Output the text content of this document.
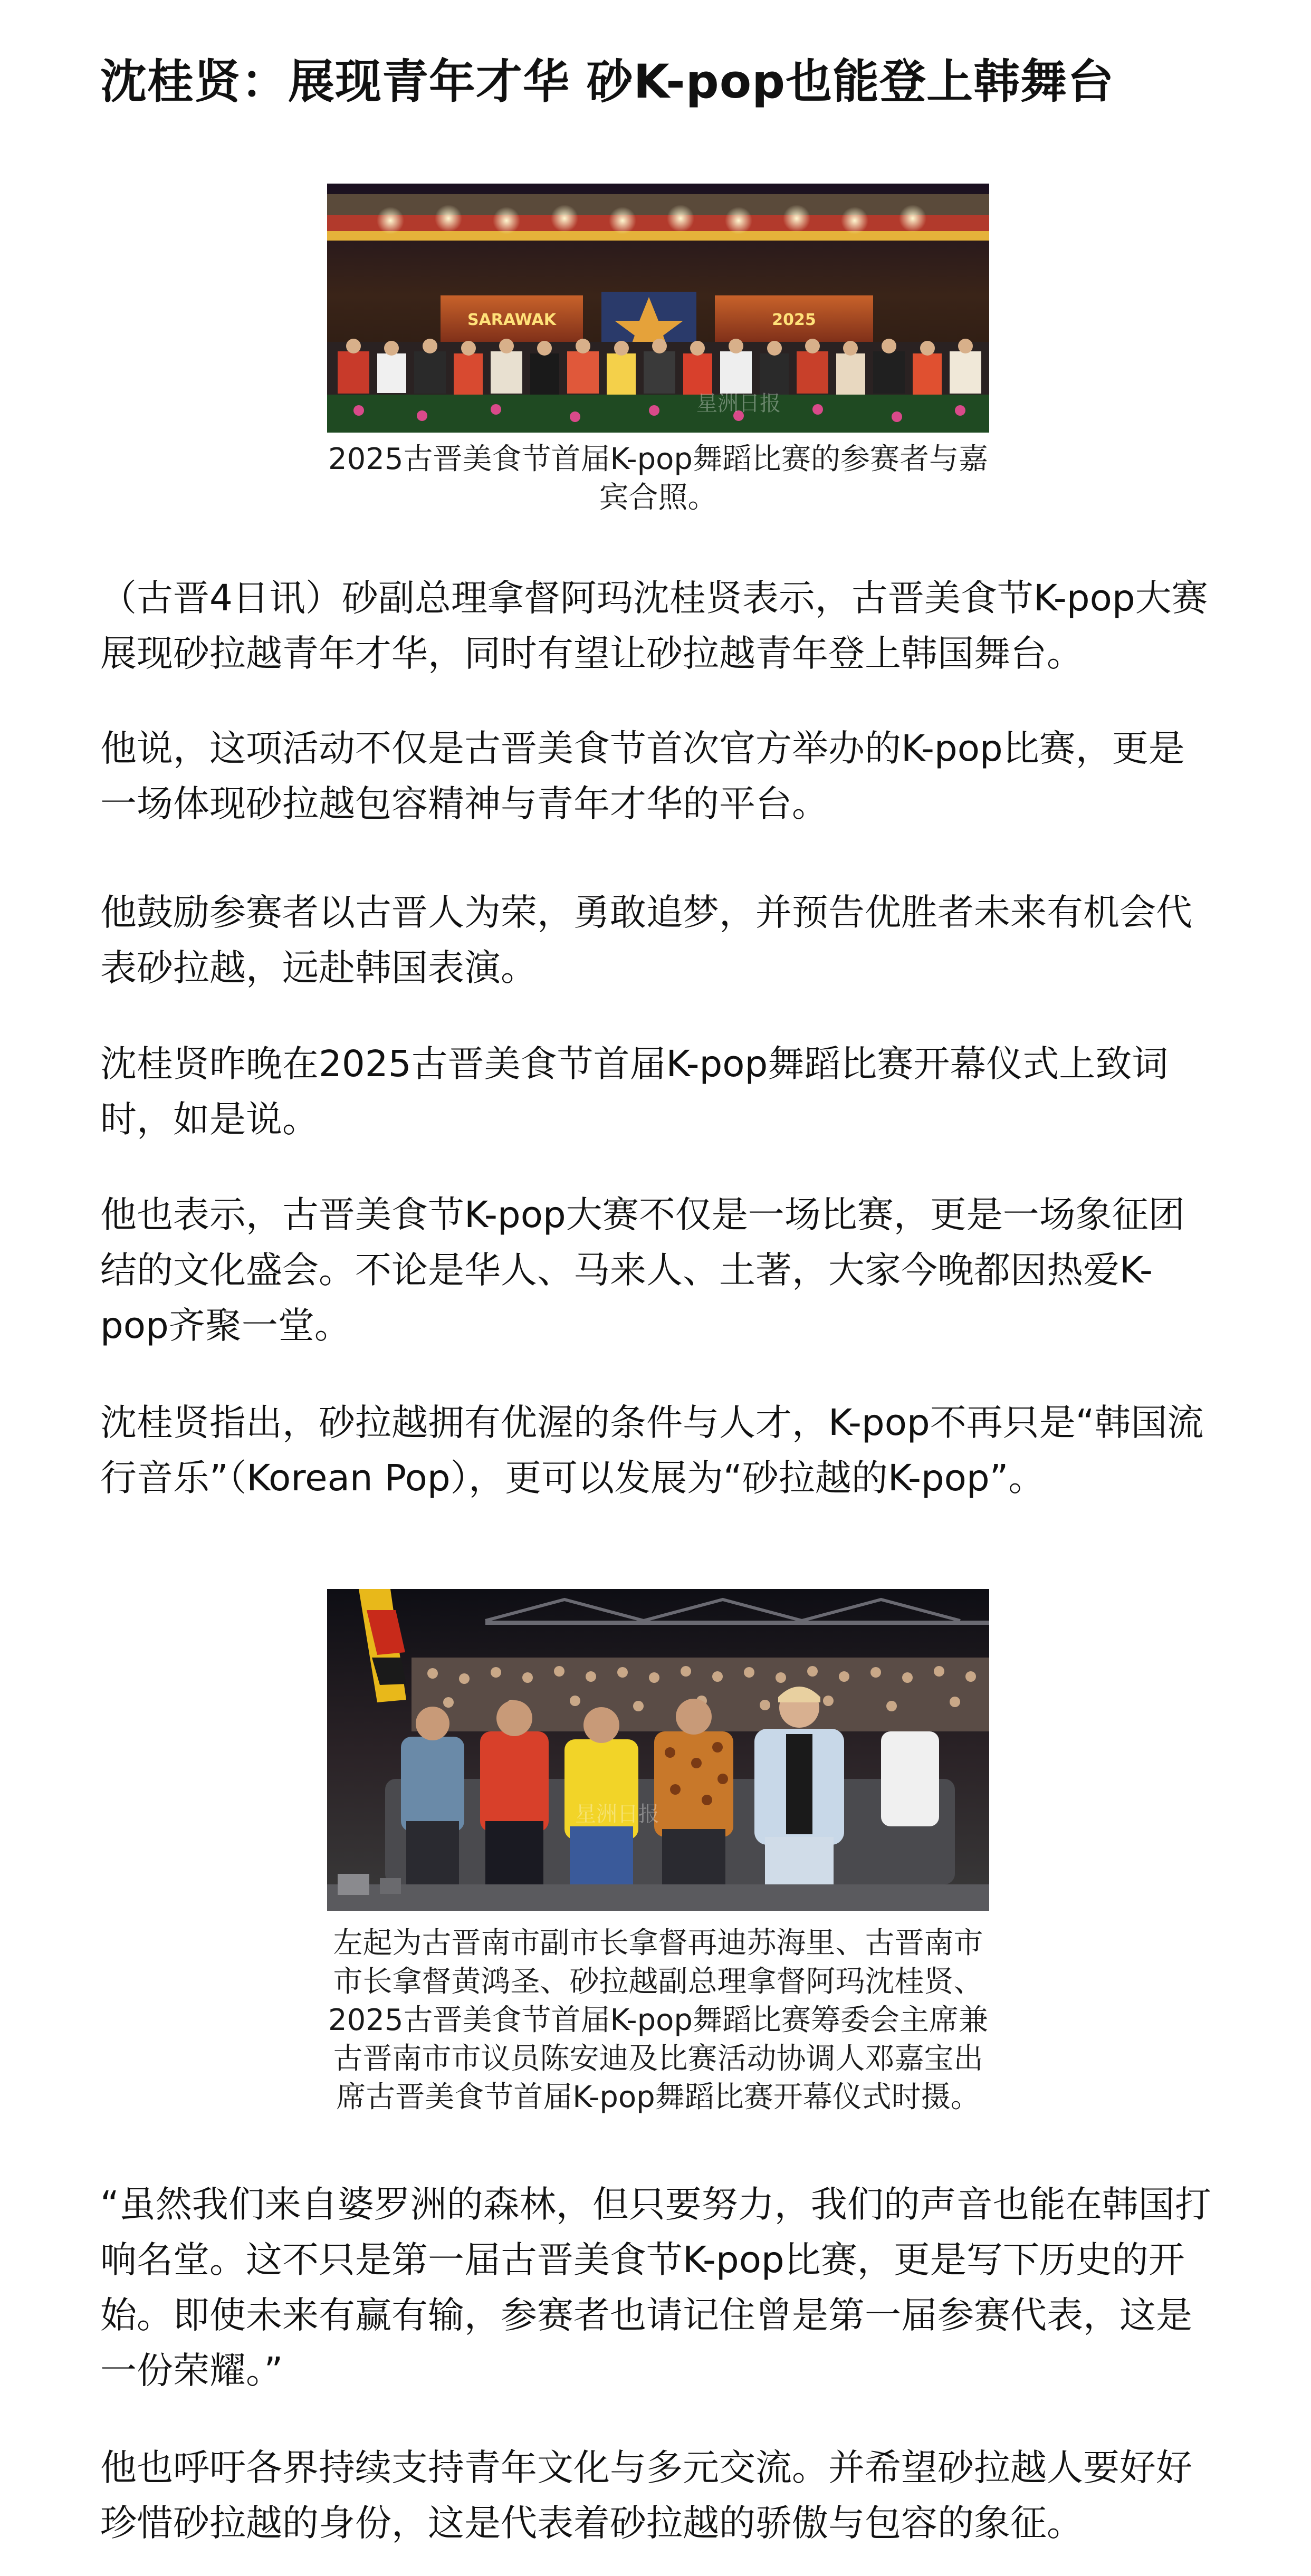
沈桂贤：展现青年才华 砂K-pop也能登上韩舞台
SARAWAK	2025
星洲日报
2025古晋美食节首届K-pop舞蹈比赛的参赛者与嘉宾合照。

（古晋4日讯）砂副总理拿督阿玛沈桂贤表示，古晋美食节K-pop大赛展现砂拉越青年才华，同时有望让砂拉越青年登上韩国舞台。

他说，这项活动不仅是古晋美食节首次官方举办的K-pop比赛，更是一场体现砂拉越包容精神与青年才华的平台。

他鼓励参赛者以古晋人为荣，勇敢追梦，并预告优胜者未来有机会代表砂拉越，远赴韩国表演。

沈桂贤昨晚在2025古晋美食节首届K-pop舞蹈比赛开幕仪式上致词时，如是说。

他也表示，古晋美食节K-pop大赛不仅是一场比赛，更是一场象征团结的文化盛会。不论是华人、马来人、土著，大家今晚都因热爱K-pop齐聚一堂。

沈桂贤指出，砂拉越拥有优渥的条件与人才，K-pop不再只是“韩国流行音乐”（Korean Pop），更可以发展为“砂拉越的K-pop”。

星洲日报
左起为古晋南市副市长拿督再迪苏海里、古晋南市市长拿督黄鸿圣、砂拉越副总理拿督阿玛沈桂贤、2025古晋美食节首届K-pop舞蹈比赛筹委会主席兼古晋南市市议员陈安迪及比赛活动协调人邓嘉宝出席古晋美食节首届K-pop舞蹈比赛开幕仪式时摄。

“虽然我们来自婆罗洲的森林，但只要努力，我们的声音也能在韩国打响名堂。这不只是第一届古晋美食节K-pop比赛，更是写下历史的开始。即使未来有赢有输，参赛者也请记住曾是第一届参赛代表，这是一份荣耀。”

他也呼吁各界持续支持青年文化与多元交流。并希望砂拉越人要好好珍惜砂拉越的身份，这是代表着砂拉越的骄傲与包容的象征。
